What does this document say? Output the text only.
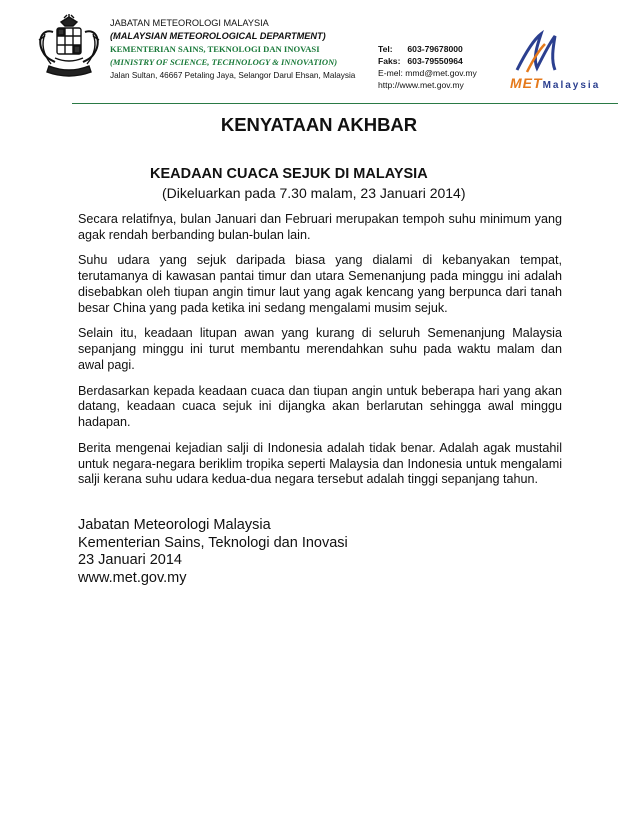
JABATAN METEOROLOGI MALAYSIA
(MALAYSIAN METEOROLOGICAL DEPARTMENT)
KEMENTERIAN SAINS, TEKNOLOGI DAN INOVASI
(MINISTRY OF SCIENCE, TECHNOLOGY & INNOVATION)
Jalan Sultan, 46667 Petaling Jaya, Selangor Darul Ehsan, Malaysia
Tel: 603-79678000
Faks: 603-79550964
E-mel: mmd@met.gov.my
http://www.met.gov.my	METMalaysia
KENYATAAN AKHBAR
KEADAAN CUACA SEJUK DI MALAYSIA
(Dikeluarkan pada 7.30 malam, 23 Januari 2014)

Secara relatifnya, bulan Januari dan Februari merupakan tempoh suhu minimum yang agak rendah berbanding bulan-bulan lain.

Suhu udara yang sejuk daripada biasa yang dialami di kebanyakan tempat, terutamanya di kawasan pantai timur dan utara Semenanjung pada minggu ini adalah disebabkan oleh tiupan angin timur laut yang agak kencang yang berpunca dari tanah besar China yang pada ketika ini sedang mengalami musim sejuk.

Selain itu, keadaan litupan awan yang kurang di seluruh Semenanjung Malaysia sepanjang minggu ini turut membantu merendahkan suhu pada waktu malam dan awal pagi.

Berdasarkan kepada keadaan cuaca dan tiupan angin untuk beberapa hari yang akan datang, keadaan cuaca sejuk ini dijangka akan berlarutan sehingga awal minggu hadapan.

Berita mengenai kejadian salji di Indonesia adalah tidak benar. Adalah agak mustahil untuk negara-negara beriklim tropika seperti Malaysia dan Indonesia untuk mengalami salji kerana suhu udara kedua-dua negara tersebut adalah tinggi sepanjang tahun.

Jabatan Meteorologi Malaysia
Kementerian Sains, Teknologi dan Inovasi
23 Januari 2014
www.met.gov.my
